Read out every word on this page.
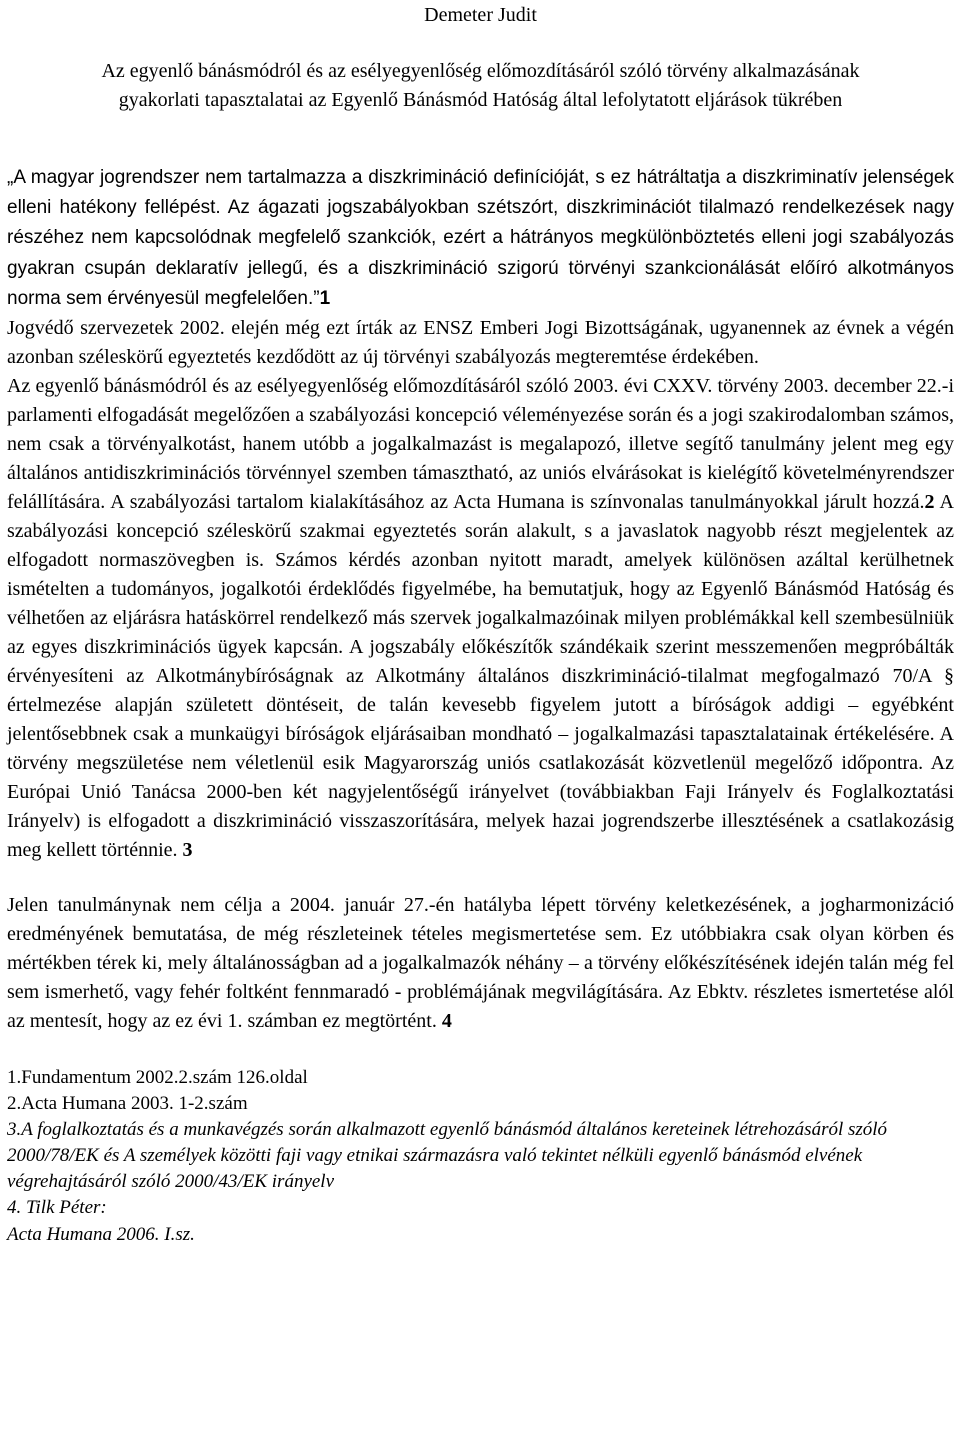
Demeter Judit
Az egyenlő bánásmódról és az esélyegyenlőség előmozdításáról szóló törvény alkalmazásának
gyakorlati tapasztalatai az Egyenlő Bánásmód Hatóság által lefolytatott eljárások tükrében

„A magyar jogrendszer nem tartalmazza a diszkrimináció definícióját, s ez hátráltatja a diszkriminatív jelenségek elleni hatékony fellépést. Az ágazati jogszabályokban szétszórt, diszkriminációt tilalmazó rendelkezések nagy részéhez nem kapcsolódnak megfelelő szankciók, ezért a hátrányos megkülönböztetés elleni jogi szabályozás gyakran csupán deklaratív jellegű, és a diszkrimináció szigorú törvényi szankcionálását előíró alkotmányos norma sem érvényesül megfelelően.”1

Jogvédő szervezetek 2002. elején még ezt írták az ENSZ Emberi Jogi Bizottságának, ugyanennek az évnek a végén azonban széleskörű egyeztetés kezdődött az új törvényi szabályozás megteremtése érdekében.

Az egyenlő bánásmódról és az esélyegyenlőség előmozdításáról szóló 2003. évi CXXV. törvény 2003. december 22.-i parlamenti elfogadását megelőzően a szabályozási koncepció véleményezése során és a jogi szakirodalomban számos, nem csak a törvényalkotást, hanem utóbb a jogalkalmazást is megalapozó, illetve segítő tanulmány jelent meg egy általános antidiszkriminációs törvénnyel szemben támasztható, az uniós elvárásokat is kielégítő követelményrendszer felállítására. A szabályozási tartalom kialakításához az Acta Humana is színvonalas tanulmányokkal járult hozzá.2 A szabályozási koncepció széleskörű szakmai egyeztetés során alakult, s a javaslatok nagyobb részt megjelentek az elfogadott normaszövegben is. Számos kérdés azonban nyitott maradt, amelyek különösen azáltal kerülhetnek ismételten a tudományos, jogalkotói érdeklődés figyelmébe, ha bemutatjuk, hogy az Egyenlő Bánásmód Hatóság és vélhetően az eljárásra hatáskörrel rendelkező más szervek jogalkalmazóinak milyen problémákkal kell szembesülniük az egyes diszkriminációs ügyek kapcsán. A jogszabály előkészítők szándékaik szerint messzemenően megpróbálták érvényesíteni az Alkotmánybíróságnak az Alkotmány általános diszkrimináció-tilalmat megfogalmazó 70/A § értelmezése alapján született döntéseit, de talán kevesebb figyelem jutott a bíróságok addigi – egyébként jelentősebbnek csak a munkaügyi bíróságok eljárásaiban mondható – jogalkalmazási tapasztalatainak értékelésére. A törvény megszületése nem véletlenül esik Magyarország uniós csatlakozását közvetlenül megelőző időpontra. Az Európai Unió Tanácsa 2000-ben két nagyjelentőségű irányelvet (továbbiakban Faji Irányelv és Foglalkoztatási Irányelv) is elfogadott a diszkrimináció visszaszorítására, melyek hazai jogrendszerbe illesztésének a csatlakozásig meg kellett történnie. 3

Jelen tanulmánynak nem célja a 2004. január 27.-én hatályba lépett törvény keletkezésének, a jogharmonizáció eredményének bemutatása, de még részleteinek tételes megismertetése sem. Ez utóbbiakra csak olyan körben és mértékben térek ki, mely általánosságban ad a jogalkalmazók néhány – a törvény előkészítésének idején talán még fel sem ismerhető, vagy fehér foltként fennmaradó - problémájának megvilágítására. Az Ebktv. részletes ismertetése alól az mentesít, hogy az ez évi 1. számban ez megtörtént. 4

1.Fundamentum 2002.2.szám 126.oldal
2.Acta Humana 2003. 1-2.szám
3.A foglalkoztatás és a munkavégzés során alkalmazott egyenlő bánásmód általános kereteinek létrehozásáról szóló 2000/78/EK és A személyek közötti faji vagy etnikai származásra való tekintet nélküli egyenlő bánásmód elvének végrehajtásáról szóló 2000/43/EK irányelv
4. Tilk Péter:
Acta Humana 2006. I.sz.
